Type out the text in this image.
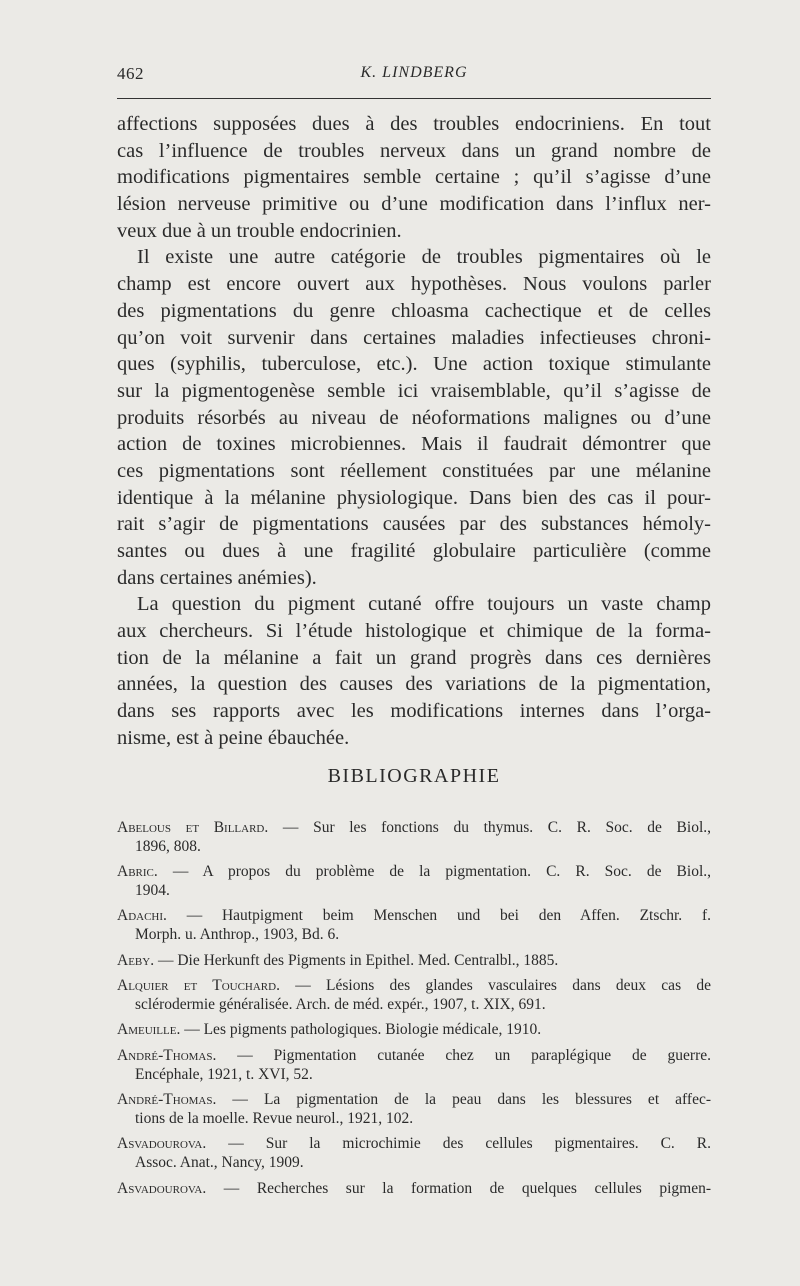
462	K. LINDBERG
affections supposées dues à des troubles endocriniens. En tout
cas l’influence de troubles nerveux dans un grand nombre de
modifications pigmentaires semble certaine ; qu’il s’agisse d’une
lésion nerveuse primitive ou d’une modification dans l’influx ner-
veux due à un trouble endocrinien.
Il existe une autre catégorie de troubles pigmentaires où le
champ est encore ouvert aux hypothèses. Nous voulons parler
des pigmentations du genre chloasma cachectique et de celles
qu’on voit survenir dans certaines maladies infectieuses chroni-
ques (syphilis, tuberculose, etc.). Une action toxique stimulante
sur la pigmentogenèse semble ici vraisemblable, qu’il s’agisse de
produits résorbés au niveau de néoformations malignes ou d’une
action de toxines microbiennes. Mais il faudrait démontrer que
ces pigmentations sont réellement constituées par une mélanine
identique à la mélanine physiologique. Dans bien des cas il pour-
rait s’agir de pigmentations causées par des substances hémoly-
santes ou dues à une fragilité globulaire particulière (comme
dans certaines anémies).
La question du pigment cutané offre toujours un vaste champ
aux chercheurs. Si l’étude histologique et chimique de la forma-
tion de la mélanine a fait un grand progrès dans ces dernières
années, la question des causes des variations de la pigmentation,
dans ses rapports avec les modifications internes dans l’orga-
nisme, est à peine ébauchée.
BIBLIOGRAPHIE
Abelous et Billard. — Sur les fonctions du thymus. C. R. Soc. de Biol.,
1896, 808.
Abric. — A propos du problème de la pigmentation. C. R. Soc. de Biol.,
1904.
Adachi. — Hautpigment beim Menschen und bei den Affen. Ztschr. f.
Morph. u. Anthrop., 1903, Bd. 6.
Aeby. — Die Herkunft des Pigments in Epithel. Med. Centralbl., 1885.
Alquier et Touchard. — Lésions des glandes vasculaires dans deux cas de
sclérodermie généralisée. Arch. de méd. expér., 1907, t. XIX, 691.
Ameuille. — Les pigments pathologiques. Biologie médicale, 1910.
André-Thomas. — Pigmentation cutanée chez un paraplégique de guerre.
Encéphale, 1921, t. XVI, 52.
André-Thomas. — La pigmentation de la peau dans les blessures et affec-
tions de la moelle. Revue neurol., 1921, 102.
Asvadourova. — Sur la microchimie des cellules pigmentaires. C. R.
Assoc. Anat., Nancy, 1909.
Asvadourova. — Recherches sur la formation de quelques cellules pigmen-
